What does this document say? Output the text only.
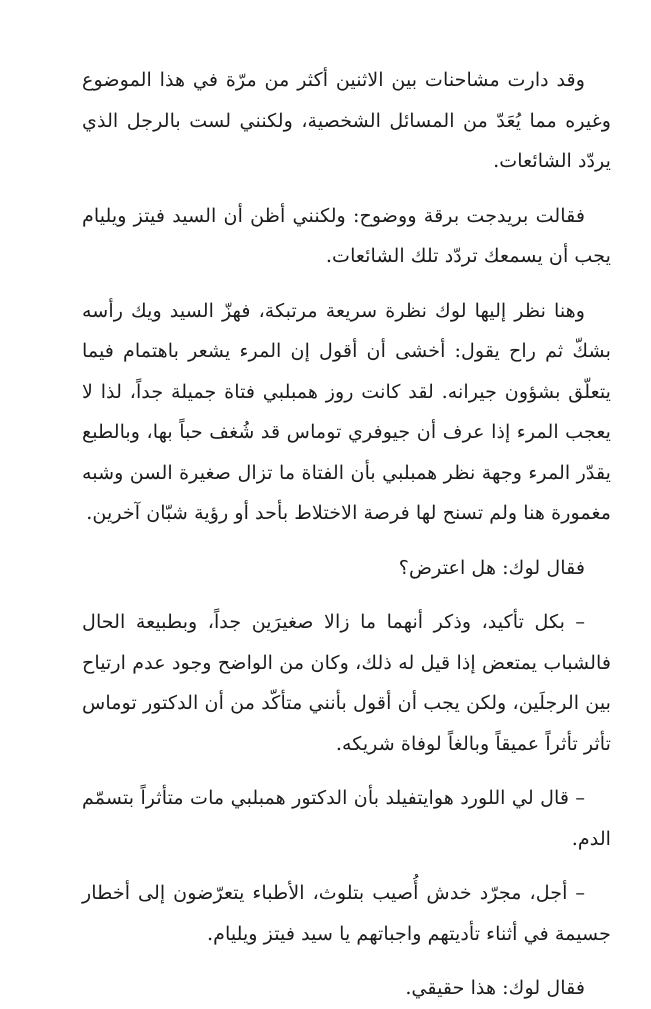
وقد دارت مشاحنات بين الاثنين أكثر من مرّة في هذا الموضوع وغيره مما يُعَدّ من المسائل الشخصية، ولكنني لست بالرجل الذي يردّد الشائعات.

فقالت بريدجت برقة ووضوح: ولكنني أظن أن السيد فيتز ويليام يجب أن يسمعك تردّد تلك الشائعات.

وهنا نظر إليها لوك نظرة سريعة مرتبكة، فهزّ السيد ويك رأسه بشكّ ثم راح يقول: أخشى أن أقول إن المرء يشعر باهتمام فيما يتعلّق بشؤون جيرانه. لقد كانت روز همبلبي فتاة جميلة جداً، لذا لا يعجب المرء إذا عرف أن جيوفري توماس قد شُغف حباً بها، وبالطبع يقدّر المرء وجهة نظر همبلبي بأن الفتاة ما تزال صغيرة السن وشبه مغمورة هنا ولم تسنح لها فرصة الاختلاط بأحد أو رؤية شبّان آخرين.

فقال لوك: هل اعترض؟

– بكل تأكيد، وذكر أنهما ما زالا صغيرَين جداً، وبطبيعة الحال فالشباب يمتعض إذا قيل له ذلك، وكان من الواضح وجود عدم ارتياح بين الرجلَين، ولكن يجب أن أقول بأنني متأكّد من أن الدكتور توماس تأثر تأثراً عميقاً وبالغاً لوفاة شريكه.

– قال لي اللورد هوايتفيلد بأن الدكتور همبلبي مات متأثراً بتسمّم الدم.

– أجل، مجرّد خدش أُصيب بتلوث، الأطباء يتعرّضون إلى أخطار جسيمة في أثناء تأديتهم واجباتهم يا سيد فيتز ويليام.

فقال لوك: هذا حقيقي.
